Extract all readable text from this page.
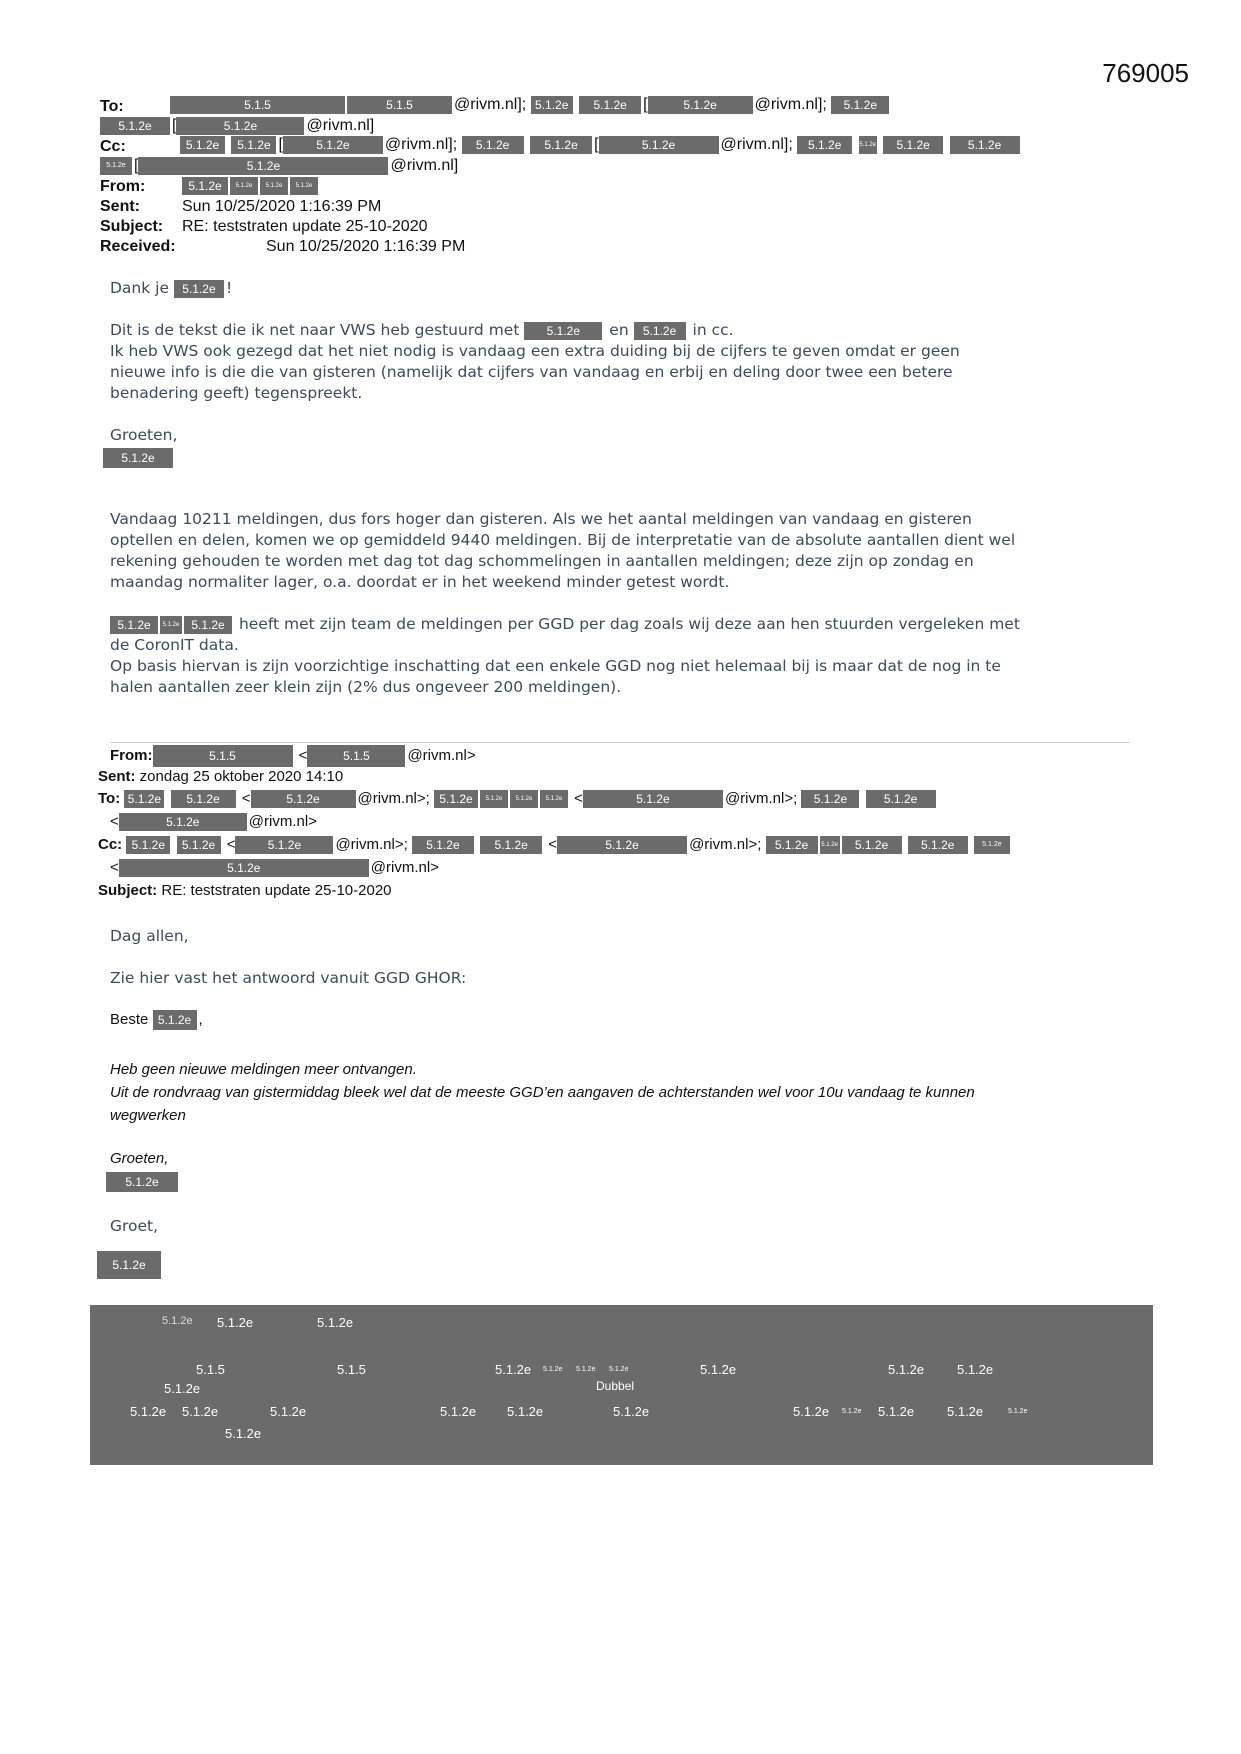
769005
To:	5.1.5	5.1.5	@rivm.nl]; 5.1.2e 5.1.2e [	5.1.2e @rivm.nl]; 5.1.2e
5.1.2e [	5.1.2e	@rivm.nl]
Cc:	5.1.2e 5.1.2e [	5.1.2e @rivm.nl]; 5.1.2e	5.1.2e [	5.1.2e	@rivm.nl]; 5.1.2e	5.1.2e 5.1.2e	5.1.2e
5.1.2e [	5.1.2e	@rivm.nl]
From:	5.1.2e 5.1.2e 5.1.2e 5.1.2e
Sent:	Sun 10/25/2020 1:16:39 PM
Subject: RE: teststraten update 25-10-2020
Received:	Sun 10/25/2020 1:16:39 PM
Dank je 5.1.2e !

Dit is de tekst die ik net naar VWS heb gestuurd met 5.1.2e en 5.1.2e in cc.

Ik heb VWS ook gezegd dat het niet nodig is vandaag een extra duiding bij de cijfers te geven omdat er geen

nieuwe info is die die van gisteren (namelijk dat cijfers van vandaag en erbij en deling door twee een betere

benadering geeft) tegenspreekt.

Groeten,
5.1.2e

Vandaag 10211 meldingen, dus fors hoger dan gisteren. Als we het aantal meldingen van vandaag en gisteren

optellen en delen, komen we op gemiddeld 9440 meldingen. Bij de interpretatie van de absolute aantallen dient wel

rekening gehouden te worden met dag tot dag schommelingen in aantallen meldingen; deze zijn op zondag en

maandag normaliter lager, o.a. doordat er in het weekend minder getest wordt.

5.1.2e 5.1.2e 5.1.2e heeft met zijn team de meldingen per GGD per dag zoals wij deze aan hen stuurden vergeleken met

de CoronIT data.

Op basis hiervan is zijn voorzichtige inschatting dat een enkele GGD nog niet helemaal bij is maar dat de nog in te

halen aantallen zeer klein zijn (2% dus ongeveer 200 meldingen).

From:	5.1.5	<	5.1.5	@rivm.nl>
Sent: zondag 25 oktober 2020 14:10
To: 5.1.2e 5.1.2e <	5.1.2e	@rivm.nl>; 5.1.2e 5.1.2e 5.1.2e 5.1.2e <	5.1.2e	@rivm.nl>; 5.1.2e	5.1.2e
<	5.1.2e	@rivm.nl>
Cc: 5.1.2e 5.1.2e <	5.1.2e @rivm.nl>; 5.1.2e	5.1.2e <	5.1.2e	@rivm.nl>; 5.1.2e 5.1.2e 5.1.2e	5.1.2e	5.1.2e
<	5.1.2e	@rivm.nl>
Subject: RE: teststraten update 25-10-2020
Dag allen,
Zie hier vast het antwoord vanuit GGD GHOR:
Beste 5.1.2e ,
Heb geen nieuwe meldingen meer ontvangen.
Uit de rondvraag van gistermiddag bleek wel dat de meeste GGD’en aangaven de achterstanden wel voor 10u vandaag te kunnen
wegwerken
Groeten,
5.1.2e
Groet,
5.1.2e
5.1.2e 5.1.2e	5.1.2e
5.1.5	5.1.5	5.1.2e 5.1.2e 5.1.2e 5.1.2e	5.1.2e	5.1.2e	5.1.2e
5.1.2e	Dubbel
5.1.2e 5.1.2e	5.1.2e	5.1.2e 5.1.2e	5.1.2e	5.1.2e 5.1.2e 5.1.2e	5.1.2e	5.1.2e
5.1.2e
